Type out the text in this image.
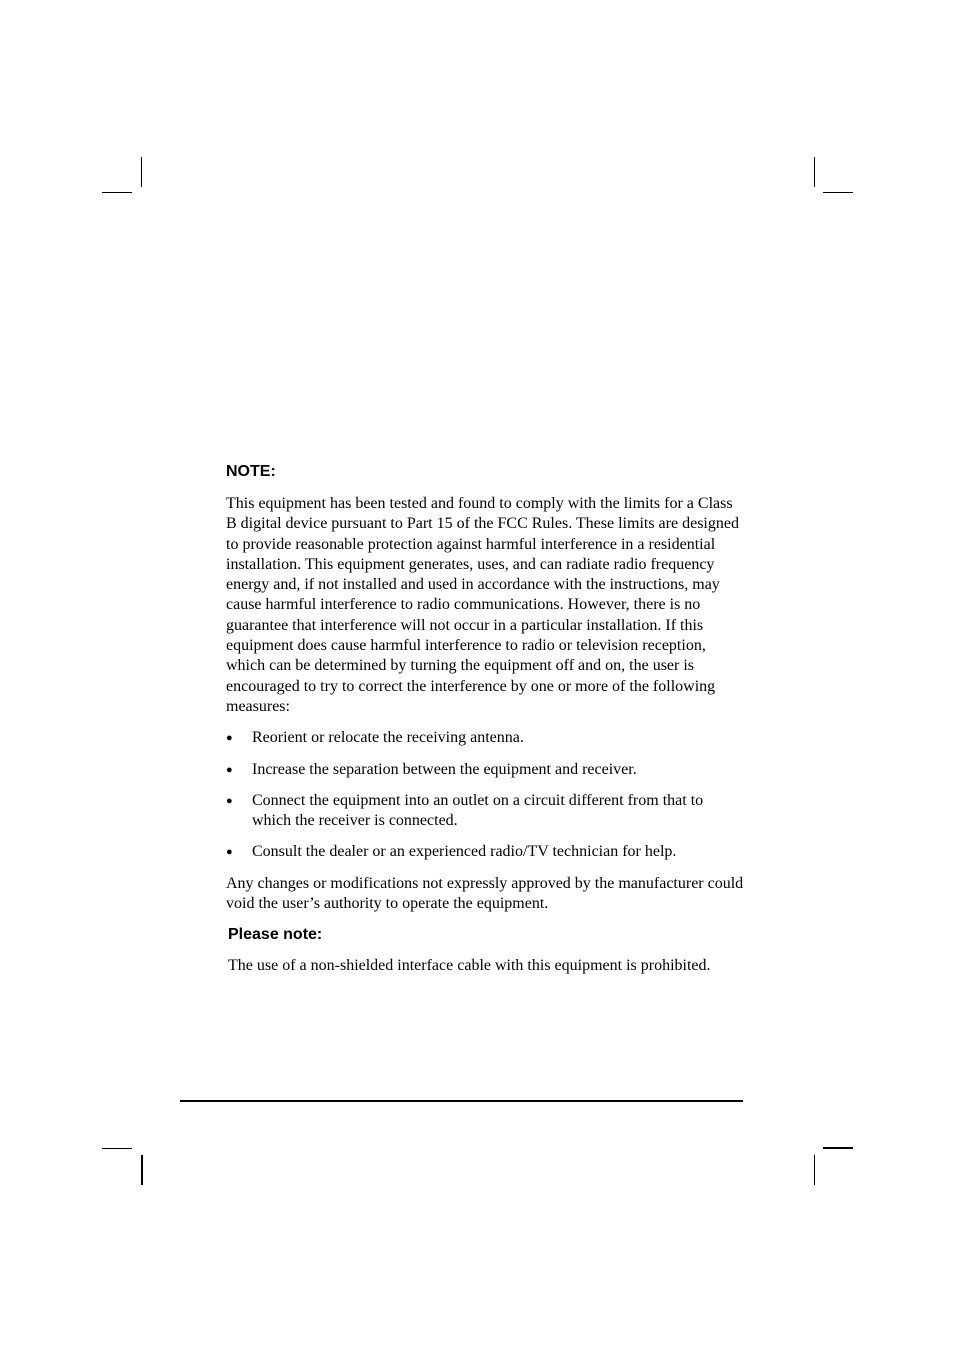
NOTE:

This equipment has been tested and found to comply with the limits for a Class B digital device pursuant to Part 15 of the FCC Rules. These limits are designed to provide reasonable protection against harmful interference in a residential installation. This equipment generates, uses, and can radiate radio frequency energy and, if not installed and used in accordance with the instructions, may cause harmful interference to radio communications. However, there is no guarantee that interference will not occur in a particular installation. If this equipment does cause harmful interference to radio or television reception, which can be determined by turning the equipment off and on, the user is encouraged to try to correct the interference by one or more of the following measures:

● Reorient or relocate the receiving antenna.
● Increase the separation between the equipment and receiver.
● Connect the equipment into an outlet on a circuit different from that to which the receiver is connected.
● Consult the dealer or an experienced radio/TV technician for help.

Any changes or modifications not expressly approved by the manufacturer could void the user’s authority to operate the equipment.

Please note:

The use of a non-shielded interface cable with this equipment is prohibited.
